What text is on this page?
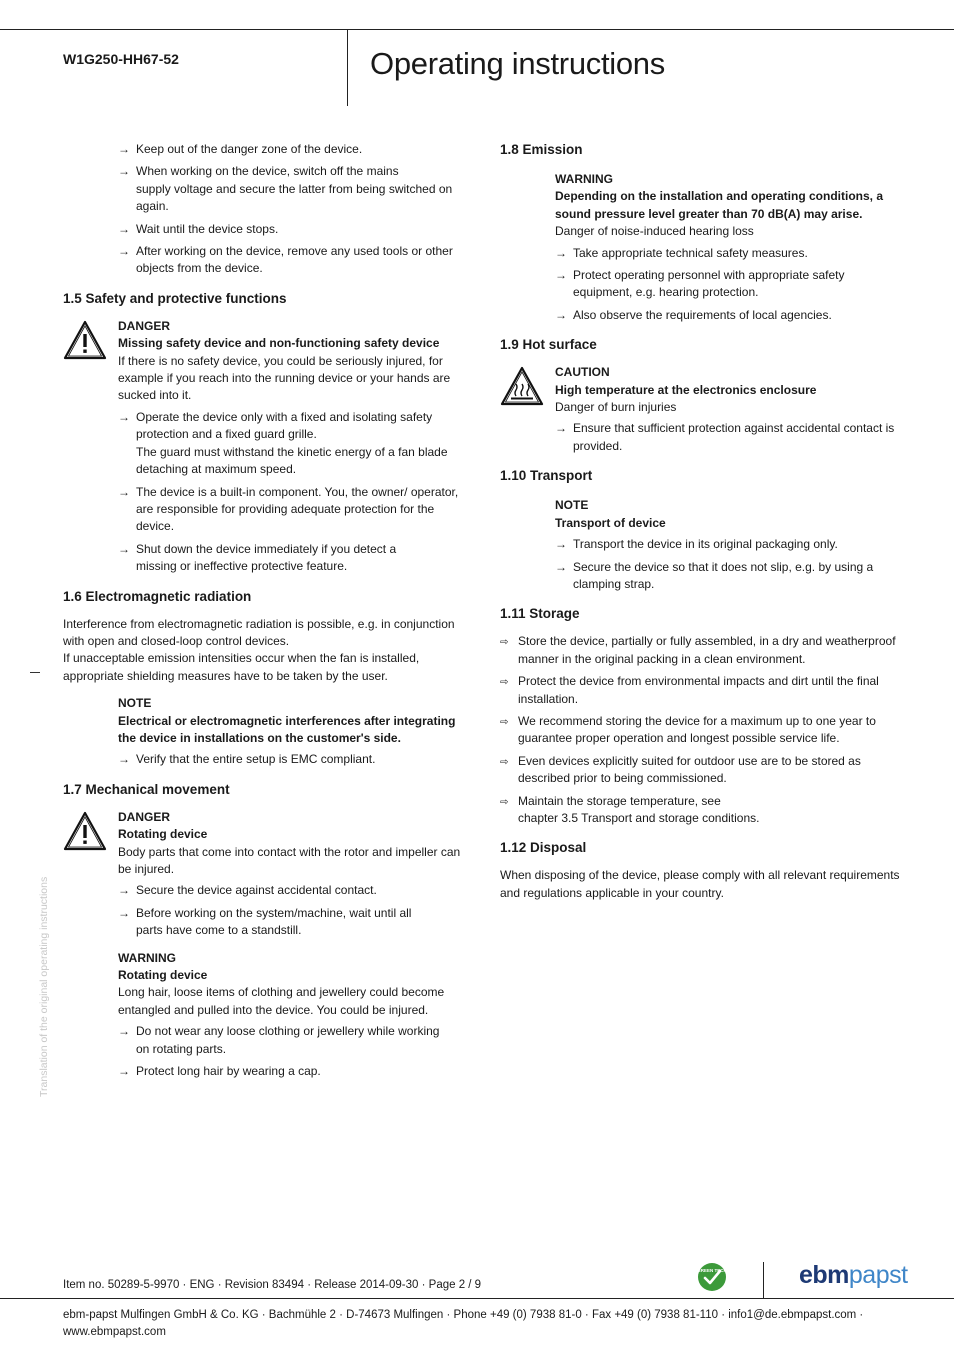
W1G250-HH67-52	Operating instructions
Translation of the original operating instructions
→ Keep out of the danger zone of the device.
→ When working on the device, switch off the mains
supply voltage and secure the latter from being switched on again.
→ Wait until the device stops.
→ After working on the device, remove any used tools or other objects from the device.
1.5 Safety and protective functions
DANGER
Missing safety device and non-functioning safety device
If there is no safety device, you could be seriously injured, for example if you reach into the running device or your hands are sucked into it.
→ Operate the device only with a fixed and isolating safety protection and a fixed guard grille.
The guard must withstand the kinetic energy of a fan blade detaching at maximum speed.
→ The device is a built-in component. You, the owner/ operator, are responsible for providing adequate protection for the device.
→ Shut down the device immediately if you detect a
missing or ineffective protective feature.
1.6 Electromagnetic radiation
Interference from electromagnetic radiation is possible, e.g. in conjunction with open and closed-loop control devices.
If unacceptable emission intensities occur when the fan is installed, appropriate shielding measures have to be taken by the user.
NOTE
Electrical or electromagnetic interferences after integrating the device in installations on the customer's side.
→ Verify that the entire setup is EMC compliant.
1.7 Mechanical movement
DANGER
Rotating device
Body parts that come into contact with the rotor and impeller can be injured.
→ Secure the device against accidental contact.
→ Before working on the system/machine, wait until all
parts have come to a standstill.
WARNING
Rotating device
Long hair, loose items of clothing and jewellery could become entangled and pulled into the device. You could be injured.
→ Do not wear any loose clothing or jewellery while working
on rotating parts.
→ Protect long hair by wearing a cap.
1.8 Emission
WARNING
Depending on the installation and operating conditions, a sound pressure level greater than 70 dB(A) may arise.
Danger of noise-induced hearing loss
→ Take appropriate technical safety measures.
→ Protect operating personnel with appropriate safety equipment, e.g. hearing protection.
→ Also observe the requirements of local agencies.
1.9 Hot surface
CAUTION
High temperature at the electronics enclosure
Danger of burn injuries
→ Ensure that sufficient protection against accidental contact is provided.
1.10 Transport
NOTE
Transport of device
→ Transport the device in its original packaging only.
→ Secure the device so that it does not slip, e.g. by using a clamping strap.
1.11 Storage
⇨ Store the device, partially or fully assembled, in a dry and weatherproof manner in the original packing in a clean environment.
⇨ Protect the device from environmental impacts and dirt until the final installation.
⇨ We recommend storing the device for a maximum up to one year to guarantee proper operation and longest possible service life.
⇨ Even devices explicitly suited for outdoor use are to be stored as described prior to being commissioned.
⇨ Maintain the storage temperature, see
chapter 3.5 Transport and storage conditions.
1.12 Disposal
When disposing of the device, please comply with all relevant requirements and regulations applicable in your country.
Item no. 50289-5-9970 · ENG · Revision 83494 · Release 2014-09-30 · Page 2 / 9
GREEN TECH	ebmpapst
ebm-papst Mulfingen GmbH & Co. KG · Bachmühle 2 · D-74673 Mulfingen · Phone +49 (0) 7938 81-0 · Fax +49 (0) 7938 81-110 · info1@de.ebmpapst.com · www.ebmpapst.com
